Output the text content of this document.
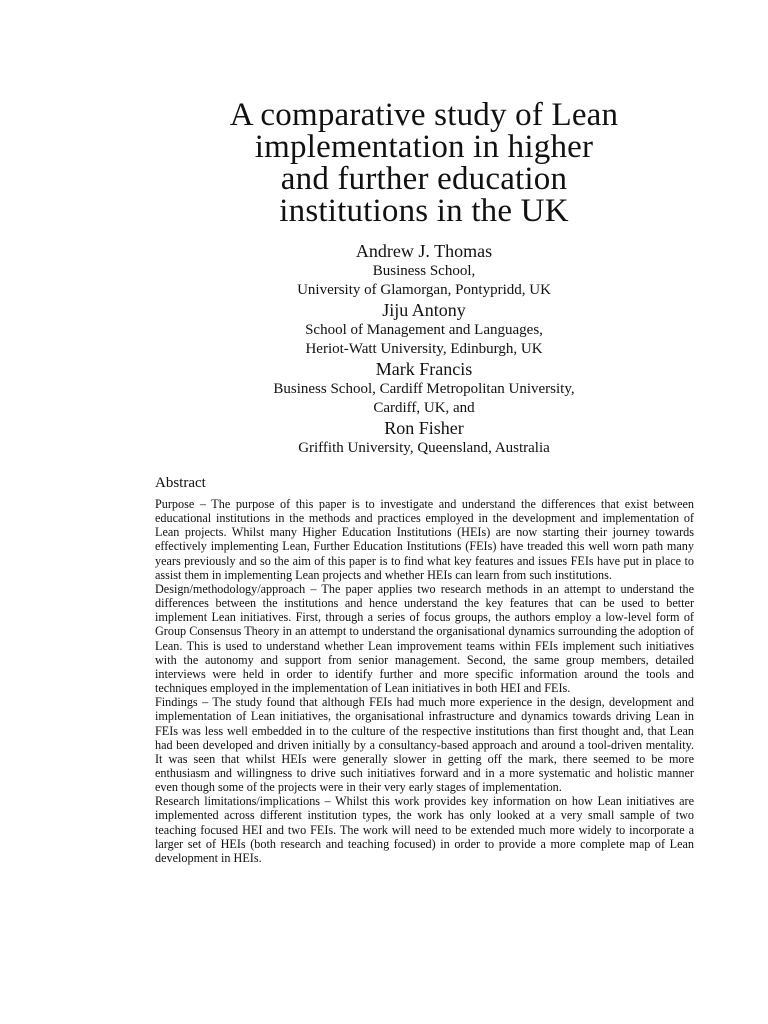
A comparative study of Lean
implementation in higher
and further education
institutions in the UK
Andrew J. Thomas
Business School,
University of Glamorgan, Pontypridd, UK
Jiju Antony
School of Management and Languages,
Heriot-Watt University, Edinburgh, UK
Mark Francis
Business School, Cardiff Metropolitan University,
Cardiff, UK, and
Ron Fisher
Griffith University, Queensland, Australia
Abstract

Purpose – The purpose of this paper is to investigate and understand the differences that exist between educational institutions in the methods and practices employed in the development and implementation of Lean projects. Whilst many Higher Education Institutions (HEIs) are now starting their journey towards effectively implementing Lean, Further Education Institutions (FEIs) have treaded this well worn path many years previously and so the aim of this paper is to find what key features and issues FEIs have put in place to assist them in implementing Lean projects and whether HEIs can learn from such institutions.

Design/methodology/approach – The paper applies two research methods in an attempt to understand the differences between the institutions and hence understand the key features that can be used to better implement Lean initiatives. First, through a series of focus groups, the authors employ a low-level form of Group Consensus Theory in an attempt to understand the organisational dynamics surrounding the adoption of Lean. This is used to understand whether Lean improvement teams within FEIs implement such initiatives with the autonomy and support from senior management. Second, the same group members, detailed interviews were held in order to identify further and more specific information around the tools and techniques employed in the implementation of Lean initiatives in both HEI and FEIs.

Findings – The study found that although FEIs had much more experience in the design, development and implementation of Lean initiatives, the organisational infrastructure and dynamics towards driving Lean in FEIs was less well embedded in to the culture of the respective institutions than first thought and, that Lean had been developed and driven initially by a consultancy-based approach and around a tool-driven mentality. It was seen that whilst HEIs were generally slower in getting off the mark, there seemed to be more enthusiasm and willingness to drive such initiatives forward and in a more systematic and holistic manner even though some of the projects were in their very early stages of implementation.

Research limitations/implications – Whilst this work provides key information on how Lean initiatives are implemented across different institution types, the work has only looked at a very small sample of two teaching focused HEI and two FEIs. The work will need to be extended much more widely to incorporate a larger set of HEIs (both research and teaching focused) in order to provide a more complete map of Lean development in HEIs.
